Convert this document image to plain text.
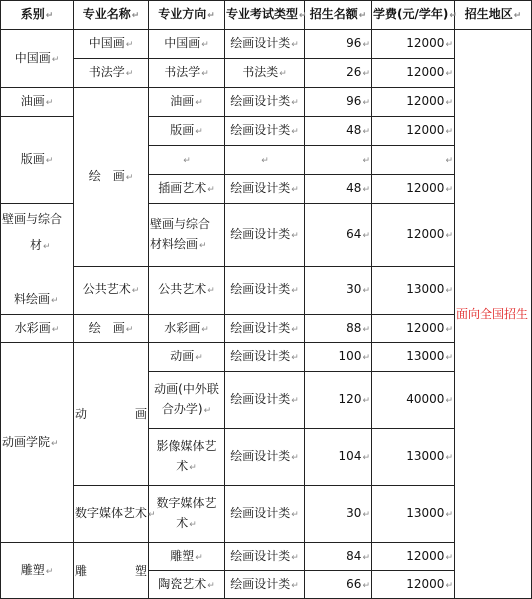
系别↵	专业名称↵	专业方向↵	专业考试类型↵	招生名额↵	学费(元/学年)↵	招生地区↵
中国画↵	中国画↵	中国画↵	绘画设计类↵	96↵	12000↵	面向全国招生
	书法学↵	书法学↵	书法类↵	26↵	12000↵	
油画↵	绘　画↵	油画↵	绘画设计类↵	96↵	12000↵	
版画↵		版画↵	绘画设计类↵	48↵	12000↵	
		↵	↵	↵	↵	
		插画艺术↵	绘画设计类↵	48↵	12000↵	
壁画与综合
材↵

料绘画↵		壁画与综合
材料绘画↵	绘画设计类↵	64↵	12000↵	
	公共艺术↵	公共艺术↵	绘画设计类↵	30↵	13000↵	
水彩画↵	绘　画↵	水彩画↵	绘画设计类↵	88↵	12000↵	
动画学院↵	动　画	动画↵	绘画设计类↵	100↵	13000↵	
		动画(中外联
合办学)↵	绘画设计类↵	120↵	40000↵	
		影像媒体艺
术↵	绘画设计类↵	104↵	13000↵	
	数字媒体艺术↵	数字媒体艺
术↵	绘画设计类↵	30↵	13000↵	
雕塑↵	雕　塑	雕塑↵	绘画设计类↵	84↵	12000↵	
		陶瓷艺术↵	绘画设计类↵	66↵	12000↵	
